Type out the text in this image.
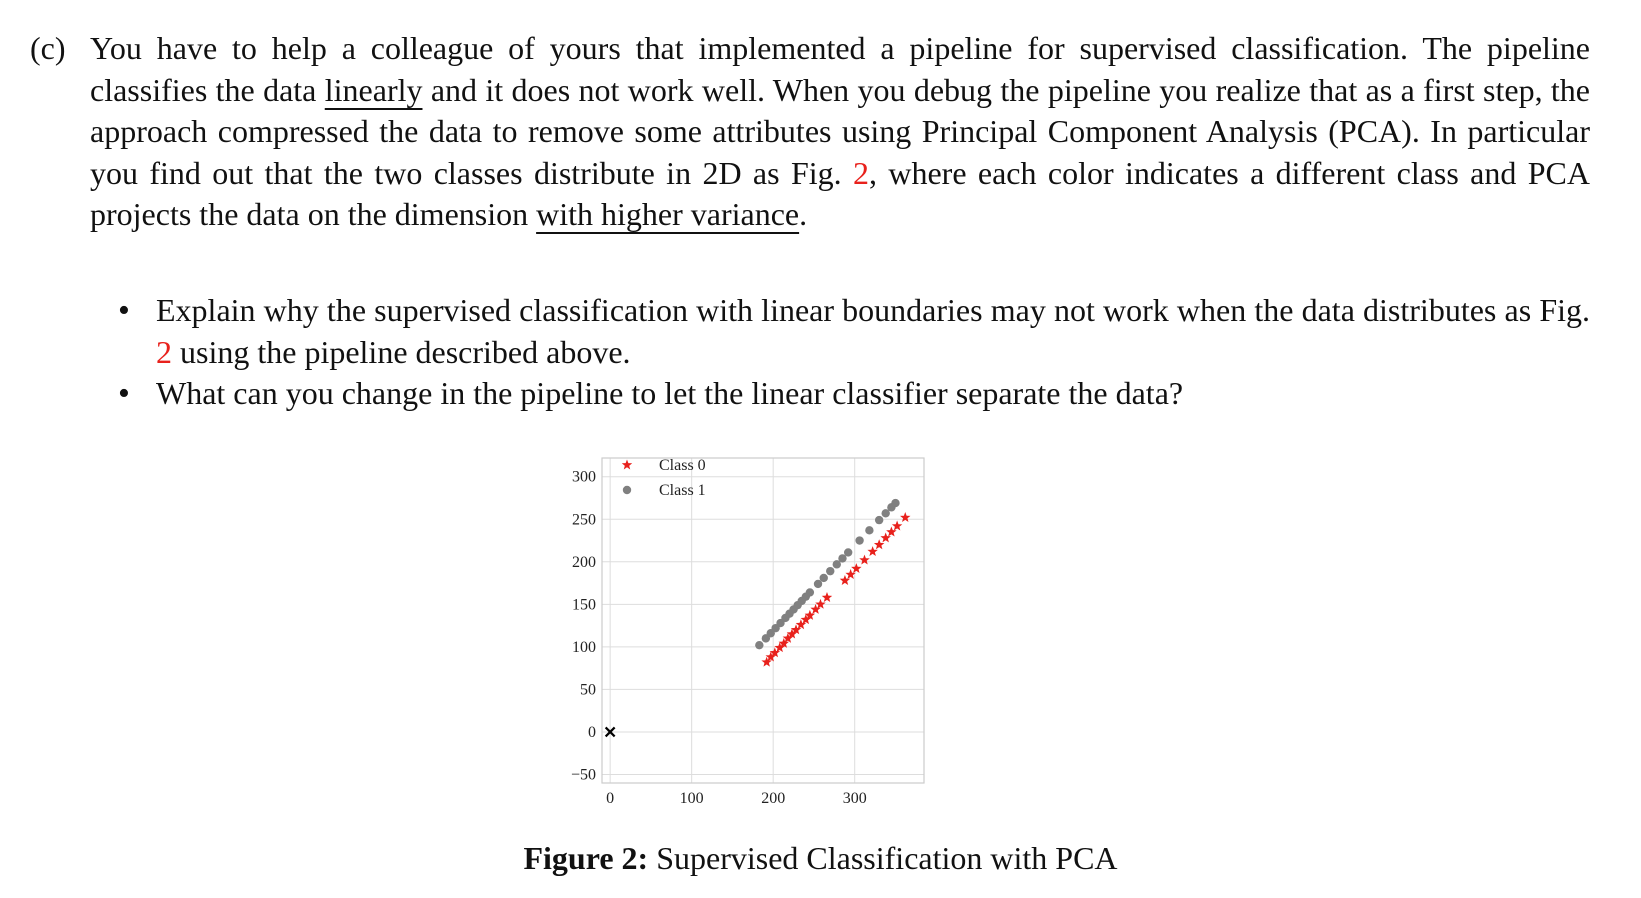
(c) You have to help a colleague of yours that implemented a pipeline for supervised classification. The pipeline classifies the data linearly and it does not work well. When you debug the pipeline you realize that as a first step, the approach compressed the data to remove some attributes using Principal Component Analysis (PCA). In particular you find out that the two classes distribute in 2D as Fig. 2, where each color indicates a different class and PCA projects the data on the dimension with higher variance.
• Explain why the supervised classification with linear boundaries may not work when the data distributes as Fig. 2 using the pipeline described above.
• What can you change in the pipeline to let the linear classifier separate the data?
0	100	200	300
−50
0
50
100
150
200
250
300
Class 0
Class 1
Figure 2: Supervised Classification with PCA
